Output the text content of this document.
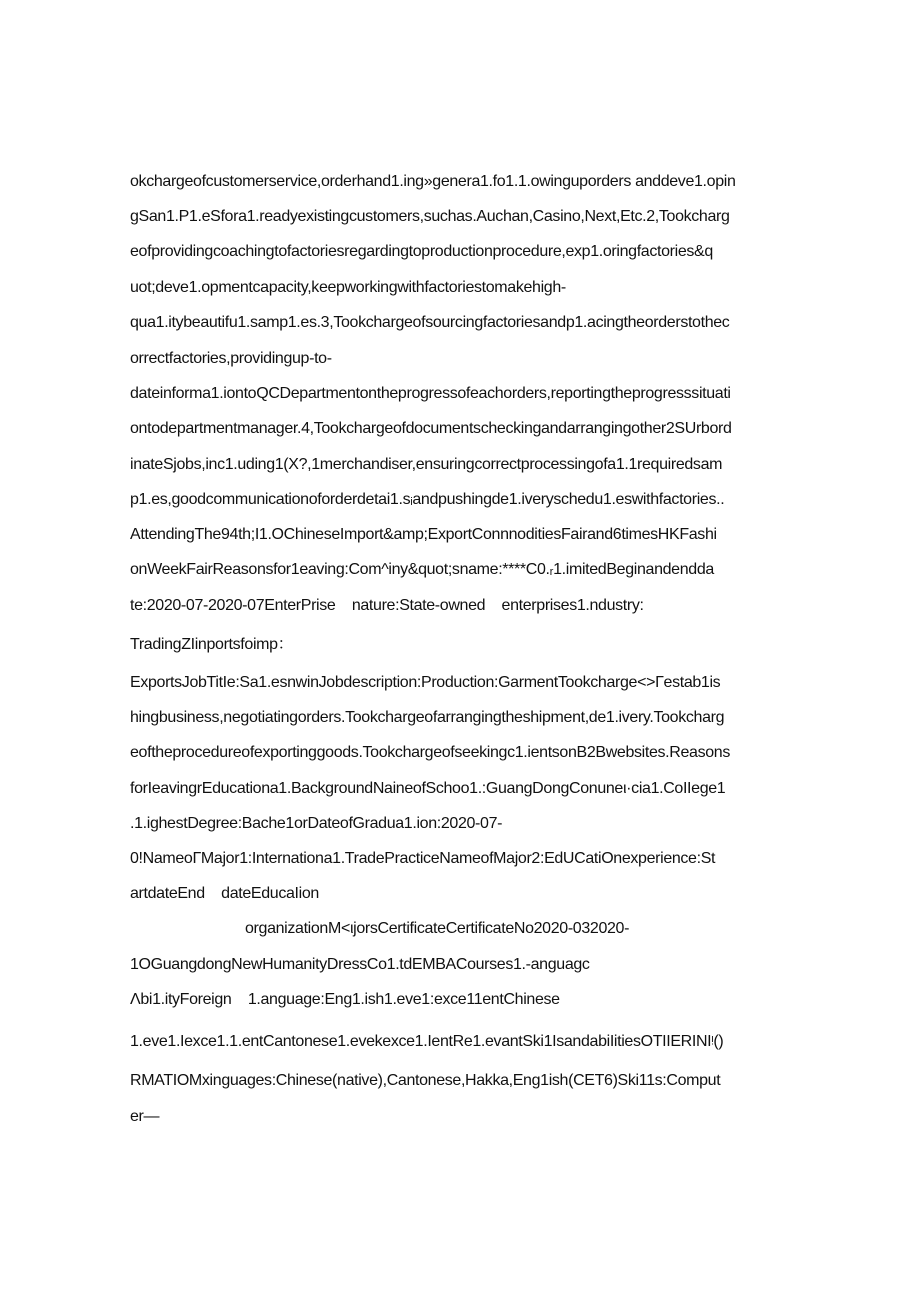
okchargeofcustomerservice,orderhand1.ing»genera1.fo1.1.owinguporders anddeve1.opin
gSan1.P1.eSfora1.readyexistingcustomers,suchas.Auchan,Casino,Next,Etc.2,Tookcharg
eofprovidingcoachingtofactoriesregardingtoproductionprocedure,exp1.oringfactories&q
uot;deve1.opmentcapacity,keepworkingwithfactoriestomakehigh-
qua1.itybeautifu1.samp1.es.3,Tookchargeofsourcingfactoriesandp1.acingtheorderstothec
orrectfactories,providingup-to-
dateinforma1.iontoQCDepartmentontheprogressofeachorders,reportingtheprogresssituati
ontodepartmentmanager.4,Tookchargeofdocumentscheckingandarrangingother2SUrbord
inateSjobs,inc1.uding1(X?,1merchandiser,ensuringcorrectprocessingofa1.1requiredsam
p1.es,goodcommunicationoforderdetai1.sᵢandpushingde1.iveryschedu1.eswithfactories..
AttendingThe94th;I1.OChineseImport&amp;ExportConnnoditiesFairand6timesHKFashi
onWeekFairReasonsfor1eaving:Com^iny&quot;sname:****C0.ᵣ1.imitedBeginandendda
te:2020-07-2020-07EnterPrise    nature:State-owned    enterprises1.ndustry:
TradingZIinportsfoimp：
ExportsJobTitIe:Sa1.esnwinJobdescription:Production:GarmentTookcharge<>Γestab1is
hingbusiness,negotiatingorders.Tookchargeofarrangingtheshipment,de1.ivery.Tookcharg
eoftheprocedureofexportinggoods.Tookchargeofseekingc1.ientsonB2Bwebsites.Reasons
forIeavingrEducationa1.BackgroundNaineofSchoo1.:GuangDongConuneι·cia1.CoIIege1
.1.ighestDegree:Bache1orDateofGradua1.ion:2020-07-
0!NameoΓMajor1:Internationa1.TradePracticeNameofMajor2:EdUCatiOnexperience:St
artdateEnd    dateEducaIion
organizationM<ιjorsCertificateCertificateNo2020-032020-
1OGuangdongNewHumanityDressCo1.tdEMBACourses1.-anguagc
Λbi1.ityForeign    1.anguage:Eng1.ish1.eve1:exce11entChinese
1.eve1.Iexce1.1.entCantonese1.evekexce1.IentRe1.evantSki1IsandabiIitiesOTIIERINIᵎ()
RMATIOMxinguages:Chinese(native),Cantonese,Hakka,Eng1ish(CET6)Ski11s:Comput
er—
